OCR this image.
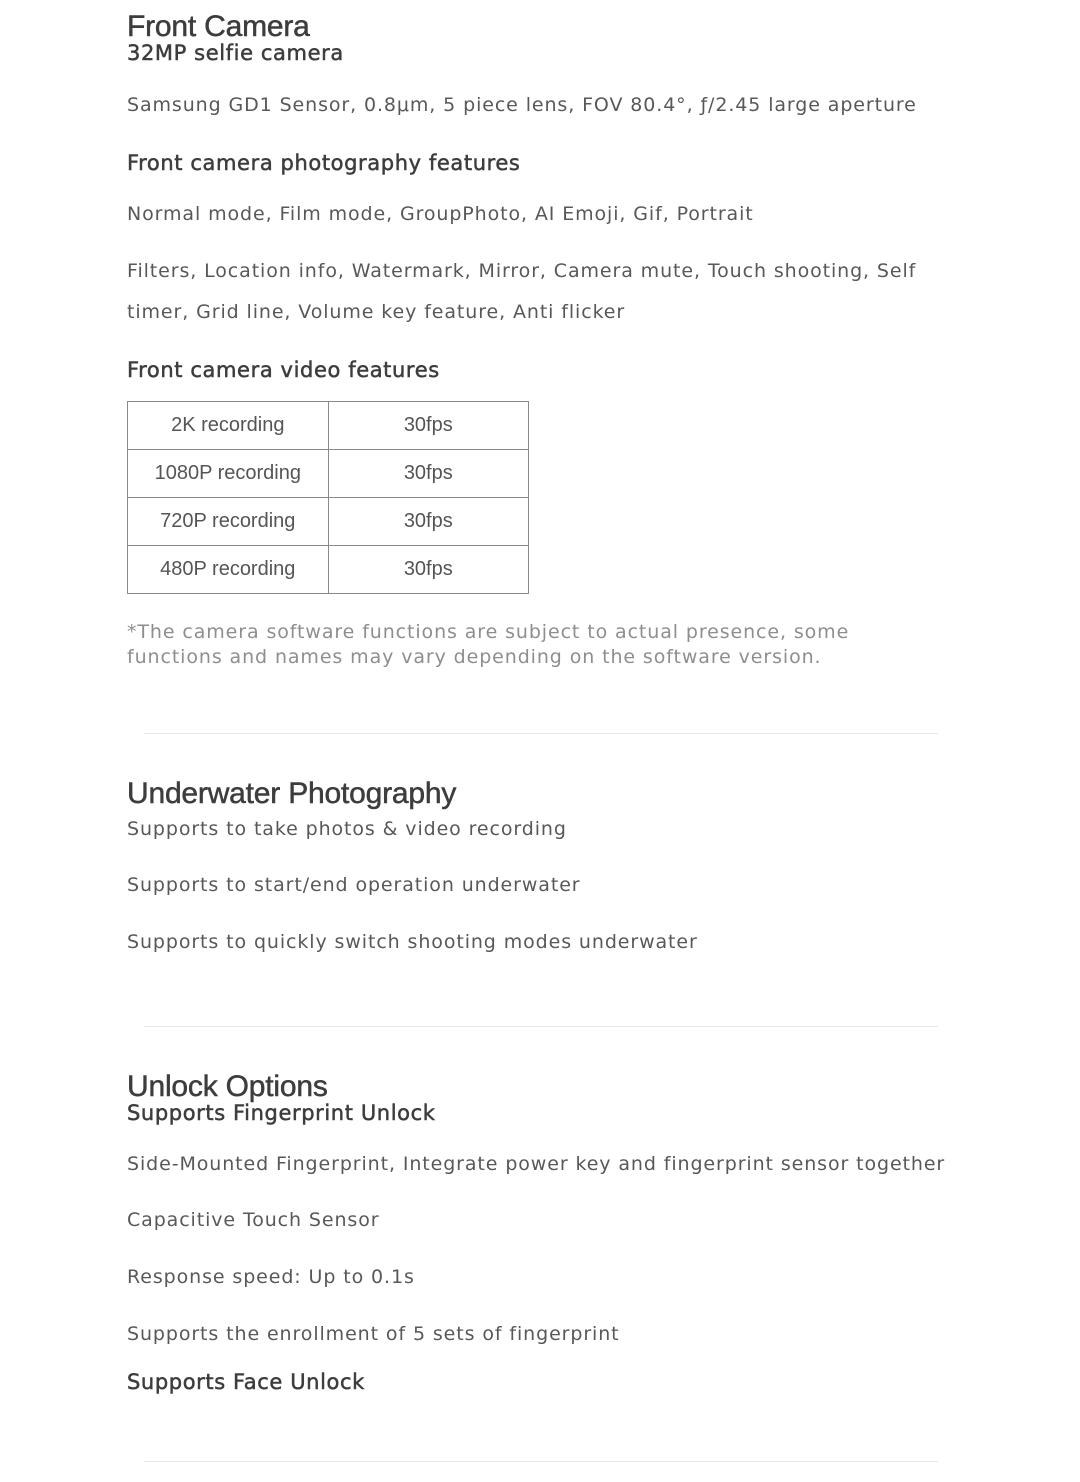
Front Camera
32MP selfie camera

Samsung GD1 Sensor, 0.8μm, 5 piece lens, FOV 80.4°, ƒ/2.45 large aperture

Front camera photography features

Normal mode, Film mode, GroupPhoto, AI Emoji, Gif, Portrait

Filters, Location info, Watermark, Mirror, Camera mute, Touch shooting, Self timer, Grid line, Volume key feature, Anti flicker

Front camera video features
2K recording	30fps
1080P recording	30fps
720P recording	30fps
480P recording	30fps

*The camera software functions are subject to actual presence, some functions and names may vary depending on the software version.

Underwater Photography

Supports to take photos & video recording

Supports to start/end operation underwater

Supports to quickly switch shooting modes underwater

Unlock Options
Supports Fingerprint Unlock

Side-Mounted Fingerprint, Integrate power key and fingerprint sensor together

Capacitive Touch Sensor

Response speed: Up to 0.1s

Supports the enrollment of 5 sets of fingerprint

Supports Face Unlock
